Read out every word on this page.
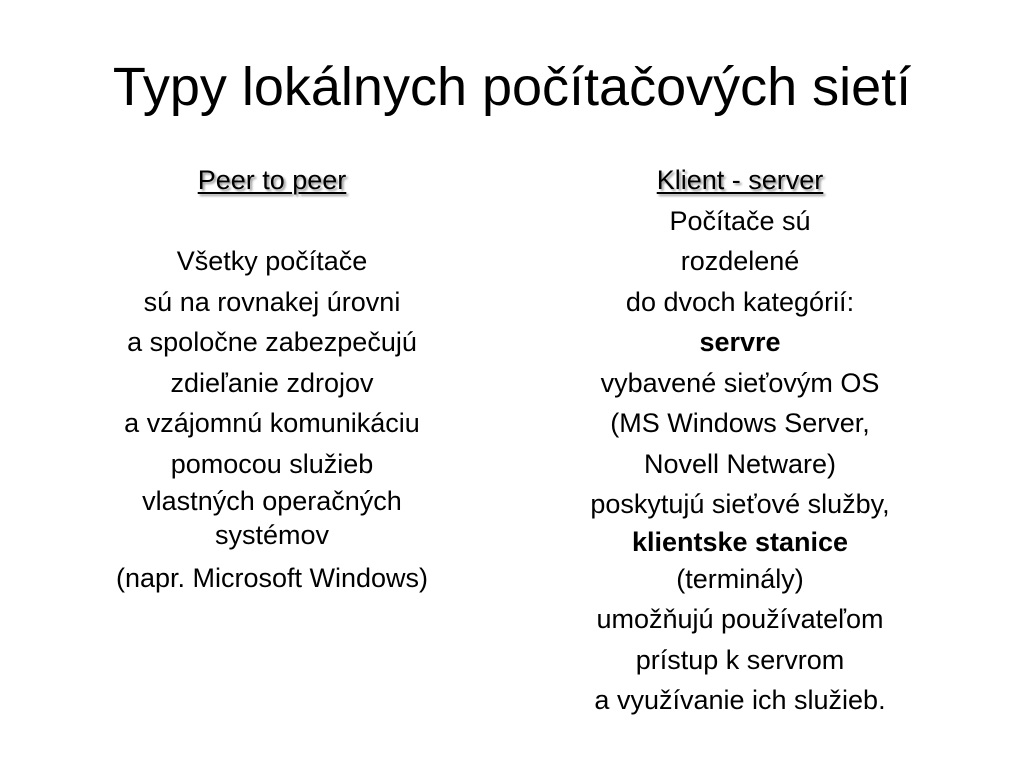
Typy lokálnych počítačových sietí
Peer to peer
Všetky počítače
sú na rovnakej úrovni
a spoločne zabezpečujú
zdieľanie zdrojov
a vzájomnú komunikáciu
pomocou služieb
vlastných operačných systémov
(napr. Microsoft Windows)
Klient - server
Počítače sú
rozdelené
do dvoch kategórií:
servre
vybavené sieťovým OS
(MS Windows Server,
Novell Netware)
poskytujú sieťové služby,
klientske stanice
(terminály)
umožňujú používateľom
prístup k servrom
a využívanie ich služieb.
